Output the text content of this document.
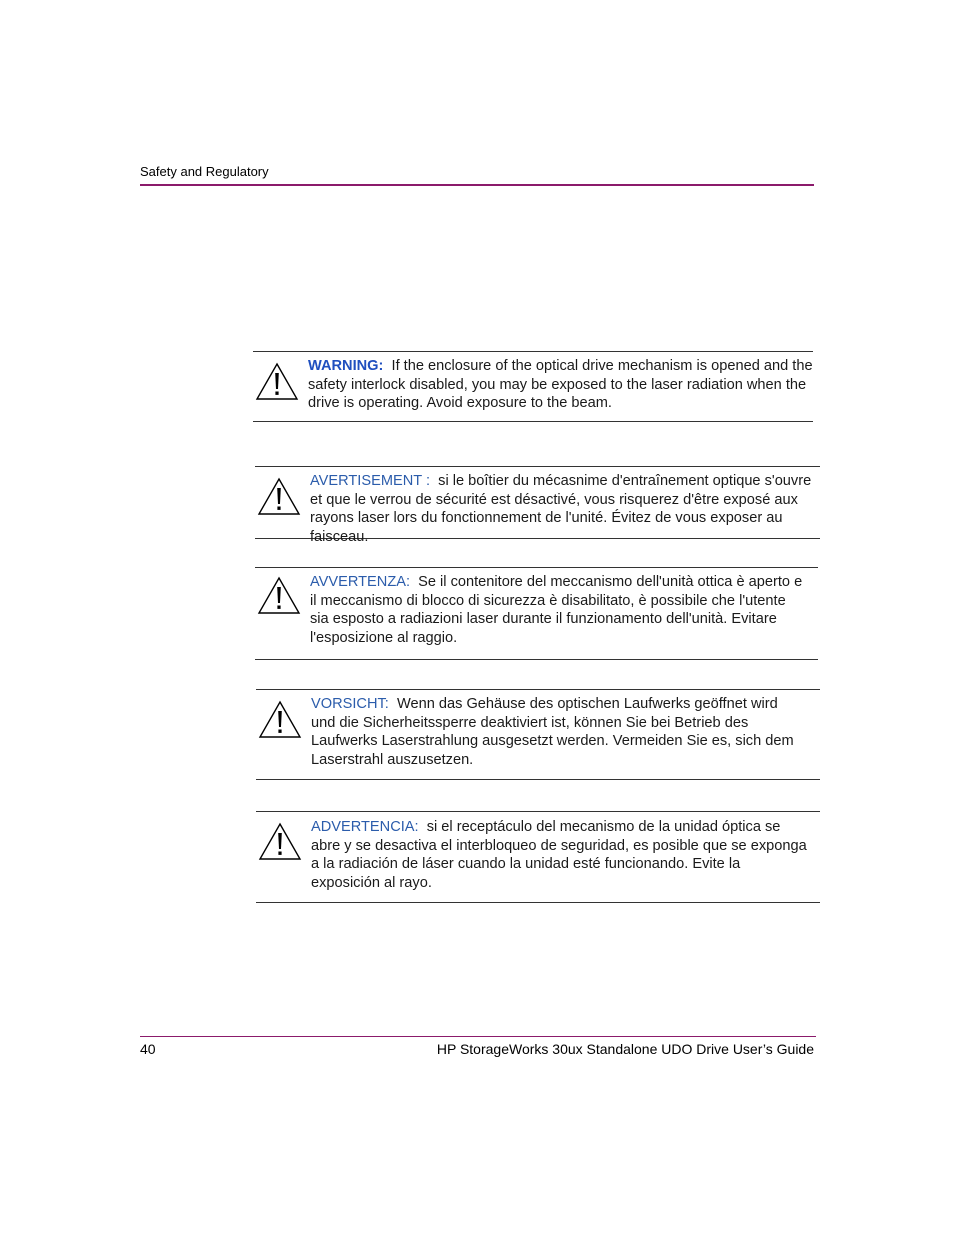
Safety and Regulatory
WARNING: If the enclosure of the optical drive mechanism is opened and the safety interlock disabled, you may be exposed to the laser radiation when the drive is operating. Avoid exposure to the beam.
AVERTISEMENT : si le boîtier du mécasnime d'entraînement optique s'ouvre et que le verrou de sécurité est désactivé, vous risquerez d'être exposé aux rayons laser lors du fonctionnement de l'unité. Évitez de vous exposer au faisceau.
AVVERTENZA: Se il contenitore del meccanismo dell'unità ottica è aperto e il meccanismo di blocco di sicurezza è disabilitato, è possibile che l'utente sia esposto a radiazioni laser durante il funzionamento dell'unità. Evitare l'esposizione al raggio.
VORSICHT: Wenn das Gehäuse des optischen Laufwerks geöffnet wird und die Sicherheitssperre deaktiviert ist, können Sie bei Betrieb des Laufwerks Laserstrahlung ausgesetzt werden. Vermeiden Sie es, sich dem Laserstrahl auszusetzen.
ADVERTENCIA: si el receptáculo del mecanismo de la unidad óptica se abre y se desactiva el interbloqueo de seguridad, es posible que se exponga a la radiación de láser cuando la unidad esté funcionando. Evite la exposición al rayo.
40	HP StorageWorks 30ux Standalone UDO Drive User’s Guide
